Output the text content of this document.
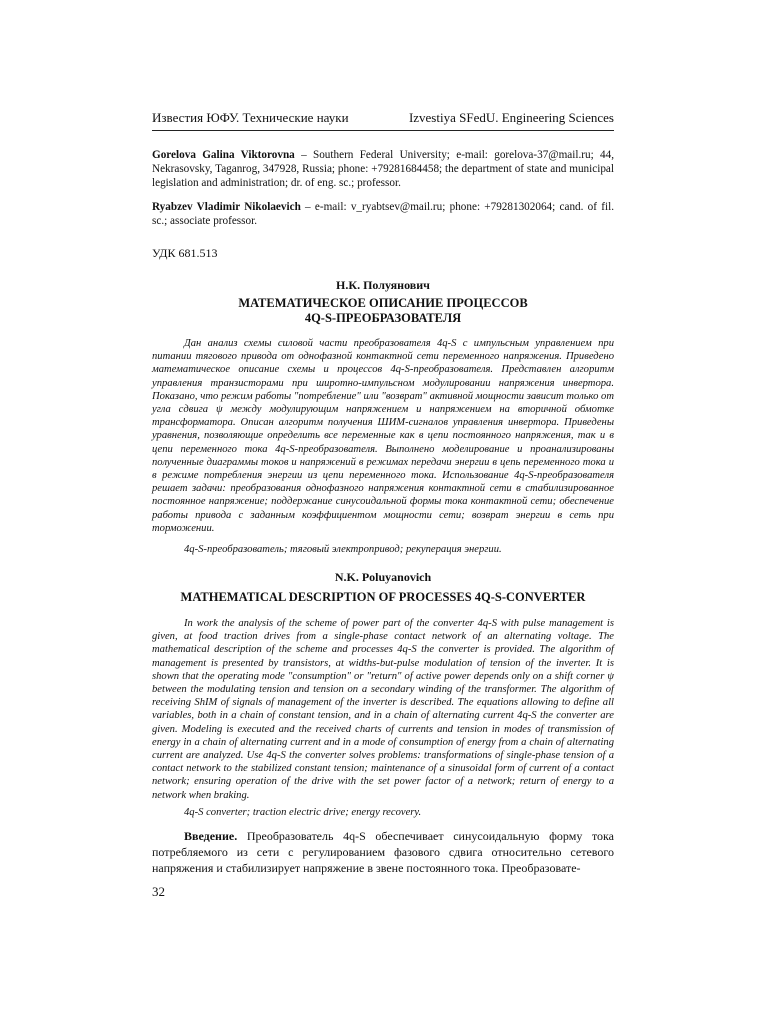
Известия ЮФУ. Технические науки	Izvestiya SFedU. Engineering Sciences

Gorelova Galina Viktorovna – Southern Federal University; e-mail: gorelova-37@mail.ru; 44, Nekrasovsky, Taganrog, 347928, Russia; phone: +79281684458; the department of state and municipal legislation and administration; dr. of eng. sc.; professor.

Ryabzev Vladimir Nikolaevich – e-mail: v_ryabtsev@mail.ru; phone: +79281302064; cand. of fil. sc.; associate professor.

УДК 681.513
Н.К. Полуянович
МАТЕМАТИЧЕСКОЕ ОПИСАНИЕ ПРОЦЕССОВ
4Q-S-ПРЕОБРАЗОВАТЕЛЯ

Дан анализ схемы силовой части преобразователя 4q-S с импульсным управлением при питании тягового привода от однофазной контактной сети переменного напряжения. Приведено математическое описание схемы и процессов 4q-S-преобразователя. Представлен алгоритм управления транзисторами при широтно-импульсном модулировании напряжения инвертора. Показано, что режим работы "потребление" или "возврат" активной мощности зависит только от угла сдвига ψ между модулирующим напряжением и напряжением на вторичной обмотке трансформатора. Описан алгоритм получения ШИМ-сигналов управления инвертора. Приведены уравнения, позволяющие определить все переменные как в цепи постоянного напряжения, так и в цепи переменного тока 4q-S-преобразователя. Выполнено моделирование и проанализированы полученные диаграммы токов и напряжений в режимах передачи энергии в цепь переменного тока и в режиме потребления энергии из цепи переменного тока. Использование 4q-S-преобразователя решает задачи: преобразования однофазного напряжения контактной сети в стабилизированное постоянное напряжение; поддержание синусоидальной формы тока контактной сети; обеспечение работы привода с заданным коэффициентом мощности сети; возврат энергии в сеть при торможении.

4q-S-преобразователь; тяговый электропривод; рекуперация энергии.

N.K. Poluyanovich
MATHEMATICAL DESCRIPTION OF PROCESSES 4Q-S-CONVERTER

In work the analysis of the scheme of power part of the converter 4q-S with pulse management is given, at food traction drives from a single-phase contact network of an alternating voltage. The mathematical description of the scheme and processes 4q-S the converter is provided. The algorithm of management is presented by transistors, at widths-but-pulse modulation of tension of the inverter. It is shown that the operating mode "consumption" or "return" of active power depends only on a shift corner ψ between the modulating tension and tension on a secondary winding of the transformer. The algorithm of receiving ShIM of signals of management of the inverter is described. The equations allowing to define all variables, both in a chain of constant tension, and in a chain of alternating current 4q-S the converter are given. Modeling is executed and the received charts of currents and tension in modes of transmission of energy in a chain of alternating current and in a mode of consumption of energy from a chain of alternating current are analyzed. Use 4q-S the converter solves problems: transformations of single-phase tension of a contact network to the stabilized constant tension; maintenance of a sinusoidal form of current of a contact network; ensuring operation of the drive with the set power factor of a network; return of energy to a network when braking.

4q-S converter; traction electric drive; energy recovery.

Введение. Преобразователь 4q-S обеспечивает синусоидальную форму тока потребляемого из сети с регулированием фазового сдвига относительно сетевого напряжения и стабилизирует напряжение в звене постоянного тока. Преобразовате-

32
